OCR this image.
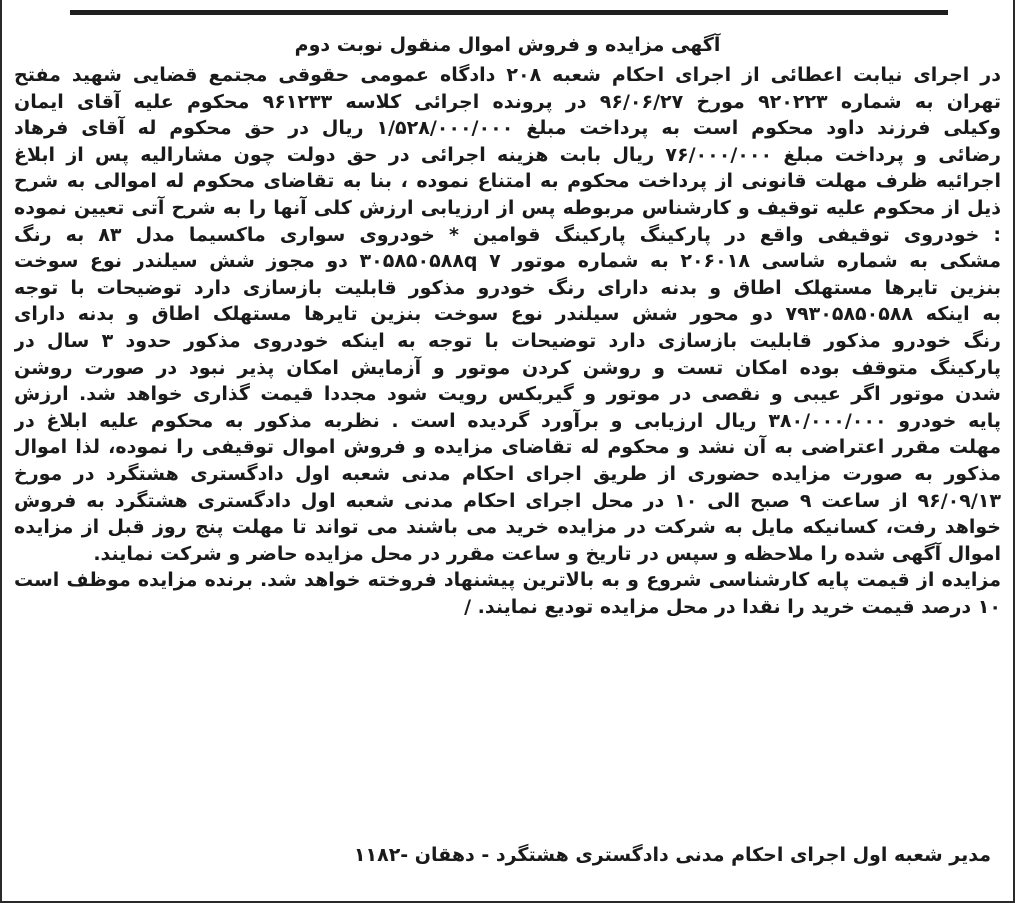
آگهی مزایده و فروش اموال منقول نوبت دوم
در اجرای نیابت اعطائی از اجرای احکام شعبه ۲۰۸ دادگاه عمومی حقوقی مجتمع قضایی شهید مفتح
تهران به شماره ۹۲۰۲۲۳ مورخ ۹۶/۰۶/۲۷ در پرونده اجرائی کلاسه ۹۶۱۲۳۳ محکوم علیه آقای ایمان
وکیلی فرزند داود محکوم است به پرداخت مبلغ ۱/۵۲۸/۰۰۰/۰۰۰ ریال در حق محکوم له آقای فرهاد
رضائی و پرداخت مبلغ ۷۶/۰۰۰/۰۰۰ ریال بابت هزینه اجرائی در حق دولت چون مشارالیه پس از ابلاغ
اجرائیه ظرف مهلت قانونی از پرداخت محکوم به امتناع نموده ، بنا به تقاضای محکوم له اموالی به شرح
ذیل از محکوم علیه توقیف و کارشناس مربوطه پس از ارزیابی ارزش کلی آنها را به شرح آتی تعیین نموده
: خودروی توقیفی واقع در پارکینگ پارکینگ قوامین * خودروی سواری ماکسیما مدل ۸۳ به رنگ
مشکی به شماره شاسی ۲۰۶۰۱۸ به شماره موتور ۳۰۵۸۵۰۵۸۸q ۷ دو مجوز شش سیلندر نوع سوخت
بنزین تایرها مستهلک اطاق و بدنه دارای رنگ خودرو مذکور قابلیت بازسازی دارد توضیحات با توجه
به اینکه ۷۹۳۰۵۸۵۰۵۸۸ دو محور شش سیلندر نوع سوخت بنزین تایرها مستهلک اطاق و بدنه دارای
رنگ خودرو مذکور قابلیت بازسازی دارد توضیحات با توجه به اینکه خودروی مذکور حدود ۳ سال در
پارکینگ متوقف بوده امکان تست و روشن کردن موتور و آزمایش امکان پذیر نبود در صورت روشن
شدن موتور اگر عیبی و نقصی در موتور و گیربکس رویت شود مجددا قیمت گذاری خواهد شد. ارزش
پایه خودرو ۳۸۰/۰۰۰/۰۰۰ ریال ارزیابی و برآورد گردیده است . نظربه مذکور به محکوم علیه ابلاغ در
مهلت مقرر اعتراضی به آن نشد و محکوم له تقاضای مزایده و فروش اموال توقیفی را نموده، لذا اموال
مذکور به صورت مزایده حضوری از طریق اجرای احکام مدنی شعبه اول دادگستری هشتگرد در مورخ
۹۶/۰۹/۱۳ از ساعت ۹ صبح الی ۱۰ در محل اجرای احکام مدنی شعبه اول دادگستری هشتگرد به فروش
خواهد رفت، کسانیکه مایل به شرکت در مزایده خرید می باشند می تواند تا مهلت پنج روز قبل از مزایده
اموال آگهی شده را ملاحظه و سپس در تاریخ و ساعت مقرر در محل مزایده حاضر و شرکت نمایند.
مزایده از قیمت پایه کارشناسی شروع و به بالاترین پیشنهاد فروخته خواهد شد. برنده مزایده موظف است
۱۰ درصد قیمت خرید را نقدا در محل مزایده تودیع نمایند. /
مدیر شعبه اول اجرای احکام مدنی دادگستری هشتگرد - دهقان -۱۱۸۲
